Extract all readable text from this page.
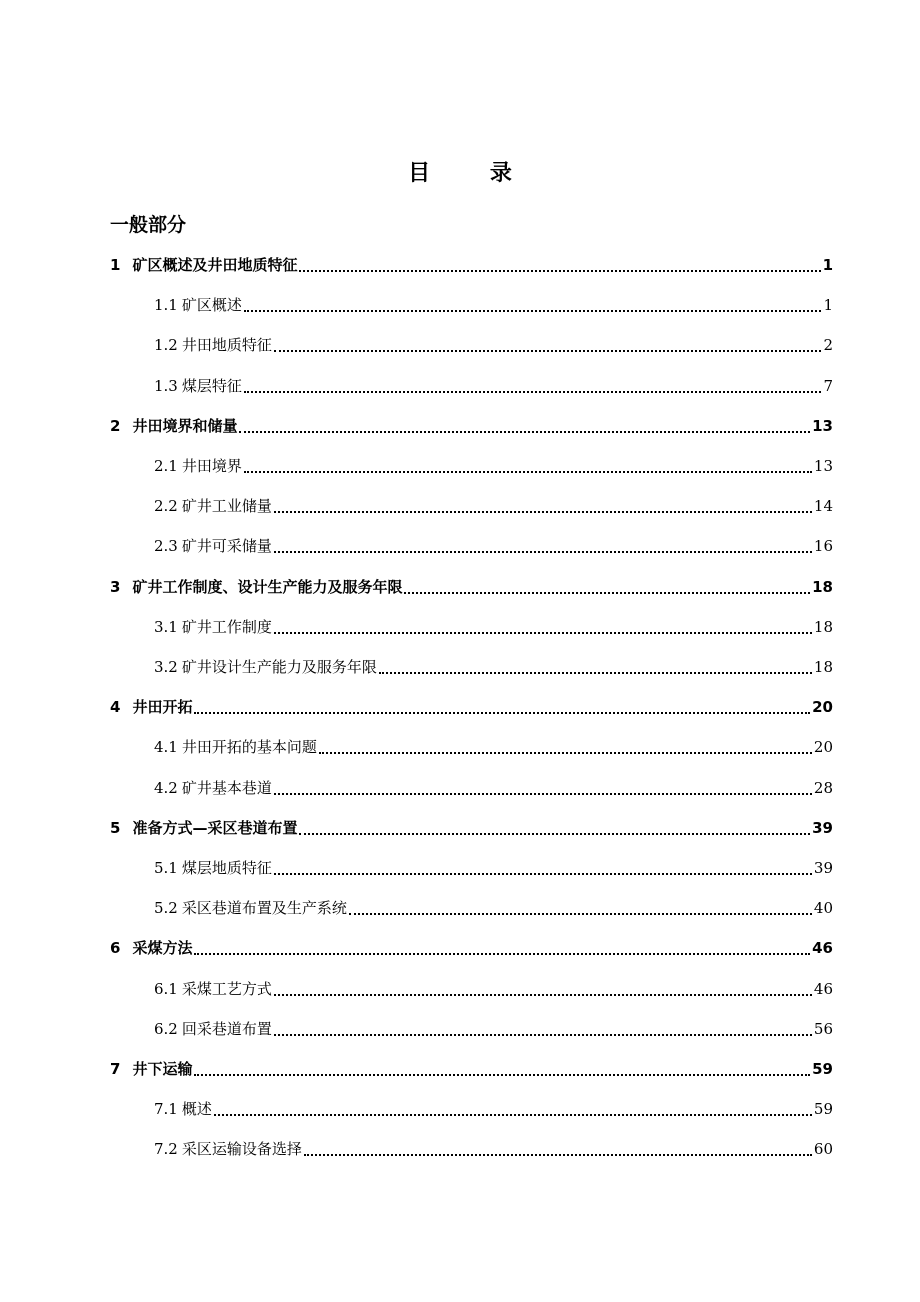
目 录
一般部分
1 矿区概述及井田地质特征	1
1.1 矿区概述	1
1.2 井田地质特征	2
1.3 煤层特征	7
2 井田境界和储量	13
2.1 井田境界	13
2.2 矿井工业储量	14
2.3 矿井可采储量	16
3 矿井工作制度、设计生产能力及服务年限	18
3.1 矿井工作制度	18
3.2 矿井设计生产能力及服务年限	18
4 井田开拓	20
4.1 井田开拓的基本问题	20
4.2 矿井基本巷道	28
5 准备方式—采区巷道布置	39
5.1 煤层地质特征	39
5.2 采区巷道布置及生产系统	40
6 采煤方法	46
6.1 采煤工艺方式	46
6.2 回采巷道布置	56
7 井下运输	59
7.1 概述	59
7.2 采区运输设备选择	60
